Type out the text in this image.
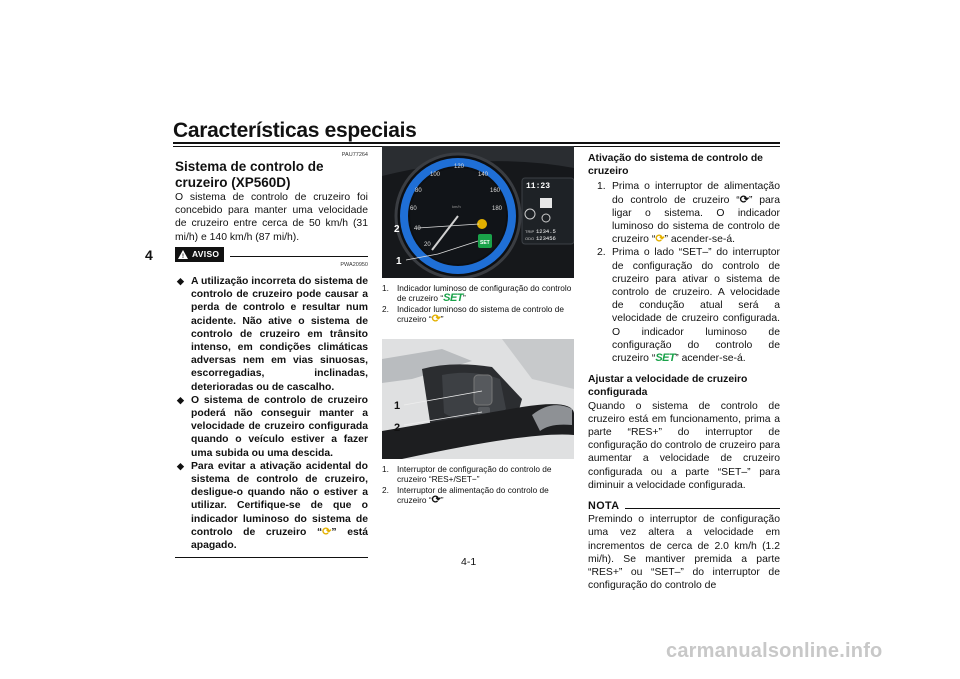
Características especiais
4
PAU77264
Sistema de controlo de cruzeiro (XP560D)

O sistema de controlo de cruzeiro foi concebido para manter uma velocidade de cruzeiro entre cerca de 50 km/h (31 mi/h) e 140 km/h (87 mi/h).

! AVISO
PWA20950
◆ A utilização incorreta do sistema de controlo de cruzeiro pode causar a perda de controlo e resultar num acidente. Não ative o sistema de controlo de cruzeiro em trânsito intenso, em condições climáticas adversas nem em vias sinuosas, escorregadias, inclinadas, deterioradas ou de cascalho.
◆ O sistema de controlo de cruzeiro poderá não conseguir manter a velocidade de cruzeiro configurada quando o veículo estiver a fazer uma subida ou uma descida.
◆ Para evitar a ativação acidental do sistema de controlo de cruzeiro, desligue-o quando não o estiver a utilizar. Certifique-se de que o indicador luminoso do sistema de controlo de cruzeiro “⟳” está apagado.
120
140
160
180
100
80
60
40
20
km/h
SET
2
1
11:23
TRIP 1234.5
ODO 123456
1. Indicador luminoso de configuração do controlo de cruzeiro “SET”
2. Indicador luminoso do sistema de controlo de cruzeiro “⟳”
1
2
1. Interruptor de configuração do controlo de cruzeiro “RES+/SET−”
2. Interruptor de alimentação do controlo de cruzeiro “⟳”
Ativação do sistema de controlo de cruzeiro
1. Prima o interruptor de alimentação do controlo de cruzeiro “⟳” para ligar o sistema. O indicador luminoso do sistema de controlo de cruzeiro “⟳” acender-se-á.
2. Prima o lado “SET–” do interruptor de configuração do controlo de cruzeiro para ativar o sistema de controlo de cruzeiro. A velocidade de condução atual será a velocidade de cruzeiro configurada. O indicador luminoso de configuração do controlo de cruzeiro “SET” acender-se-á.
Ajustar a velocidade de cruzeiro configurada

Quando o sistema de controlo de cruzeiro está em funcionamento, prima a parte “RES+” do interruptor de configuração do controlo de cruzeiro para aumentar a velocidade de cruzeiro configurada ou a parte “SET–” para diminuir a velocidade configurada.

NOTA

Premindo o interruptor de configuração uma vez altera a velocidade em incrementos de cerca de 2.0 km/h (1.2 mi/h). Se mantiver premida a parte “RES+” ou “SET–” do interruptor de configuração do controlo de

4-1
carmanualsonline.info
